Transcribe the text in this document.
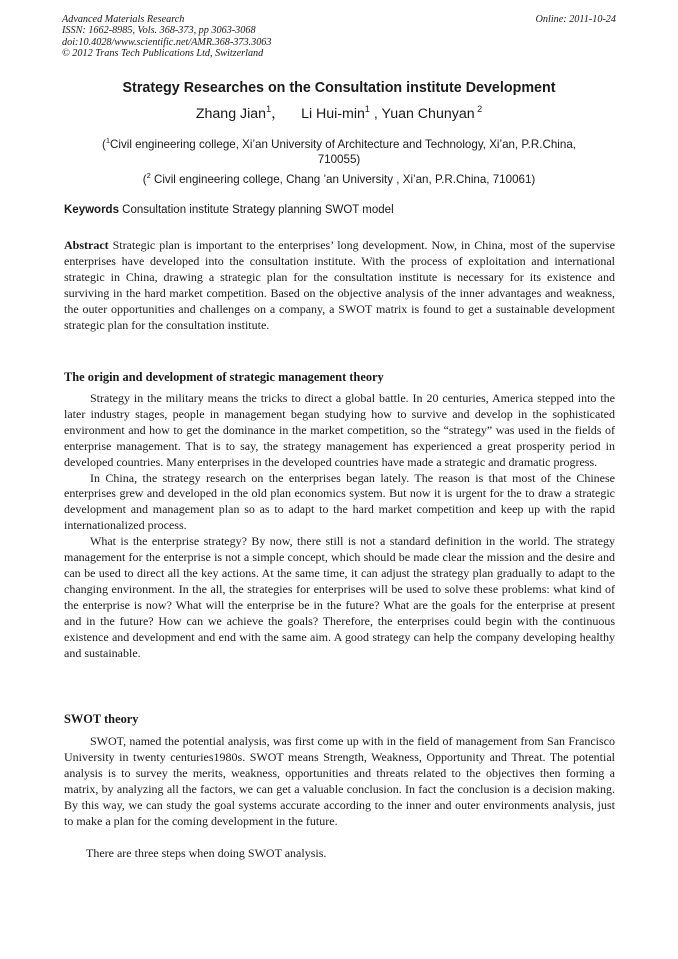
Advanced Materials Research
ISSN: 1662-8985, Vols. 368-373, pp 3063-3068
doi:10.4028/www.scientific.net/AMR.368-373.3063
© 2012 Trans Tech Publications Ltd, Switzerland
Online: 2011-10-24
Strategy Researches on the Consultation institute Development
Zhang Jian$^1$， Li Hui-$\min^1$ , Yuan Chunyan $^2$
($^1$Civil engineering college, Xi’an University of Architecture and Technology, Xi’an, P.R.China, 710055)
($^2$ Civil engineering college, Chang ’an University , Xi’an, P.R.China, 710061)
Keywords Consultation institute Strategy planning SWOT model

Abstract Strategic plan is important to the enterprises’ long development. Now, in China, most of the supervise enterprises have developed into the consultation institute. With the process of exploitation and international strategic in China, drawing a strategic plan for the consultation institute is necessary for its existence and surviving in the hard market competition. Based on the objective analysis of the inner advantages and weakness, the outer opportunities and challenges on a company, a SWOT matrix is found to get a sustainable development strategic plan for the consultation institute.

The origin and development of strategic management theory

Strategy in the military means the tricks to direct a global battle. In 20 centuries, America stepped into the later industry stages, people in management began studying how to survive and develop in the sophisticated environment and how to get the dominance in the market competition, so the “strategy” was used in the fields of enterprise management. That is to say, the strategy management has experienced a great prosperity period in developed countries. Many enterprises in the developed countries have made a strategic and dramatic progress.

In China, the strategy research on the enterprises began lately. The reason is that most of the Chinese enterprises grew and developed in the old plan economics system. But now it is urgent for the to draw a strategic development and management plan so as to adapt to the hard market competition and keep up with the rapid internationalized process.

What is the enterprise strategy? By now, there still is not a standard definition in the world. The strategy management for the enterprise is not a simple concept, which should be made clear the mission and the desire and can be used to direct all the key actions. At the same time, it can adjust the strategy plan gradually to adapt to the changing environment. In the all, the strategies for enterprises will be used to solve these problems: what kind of the enterprise is now? What will the enterprise be in the future? What are the goals for the enterprise at present and in the future? How can we achieve the goals? Therefore, the enterprises could begin with the continuous existence and development and end with the same aim. A good strategy can help the company developing healthy and sustainable.

SWOT theory

SWOT, named the potential analysis, was first come up with in the field of management from San Francisco University in twenty centuries1980s. SWOT means Strength, Weakness, Opportunity and Threat. The potential analysis is to survey the merits, weakness, opportunities and threats related to the objectives then forming a matrix, by analyzing all the factors, we can get a valuable conclusion. In fact the conclusion is a decision making. By this way, we can study the goal systems accurate according to the inner and outer environments analysis, just to make a plan for the coming development in the future.

There are three steps when doing SWOT analysis.
